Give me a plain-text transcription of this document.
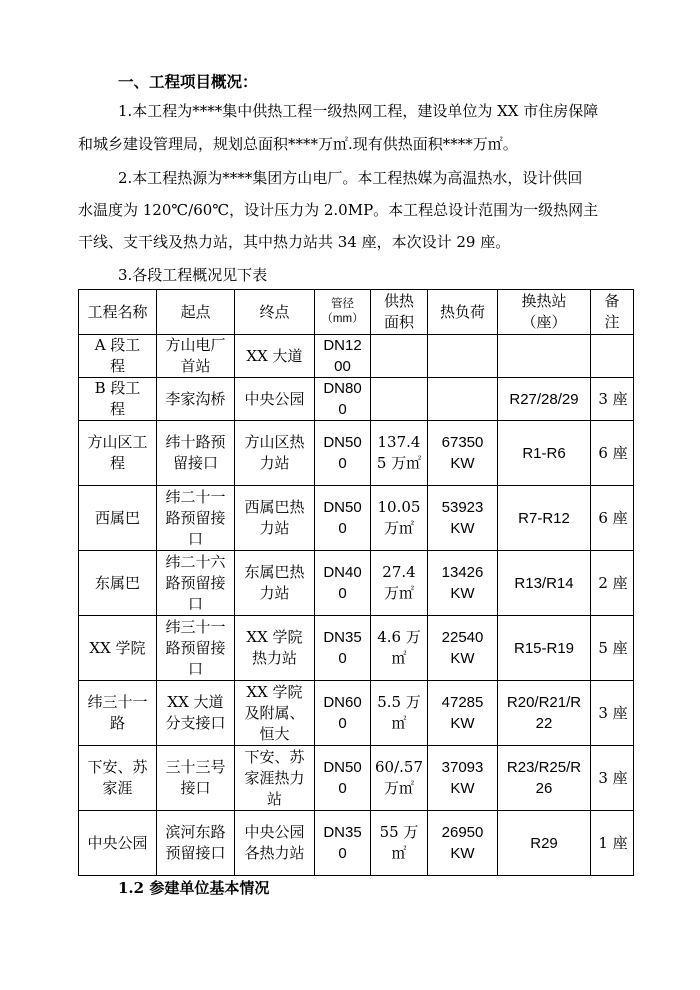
一、工程项目概况：

1.本工程为****集中供热工程一级热网工程，建设单位为 XX 市住房保障

和城乡建设管理局，规划总面积****万㎡.现有供热面积****万㎡。

2.本工程热源为****集团方山电厂。本工程热媒为高温热水，设计供回

水温度为 120℃/60℃，设计压力为 2.0MP。本工程总设计范围为一级热网主

干线、支干线及热力站，其中热力站共 34 座，本次设计 29 座。

3.各段工程概况见下表

工程名称	起点	终点	管径（mm）	供热面积	热负荷	换热站（座）	备注

A 段工程	方山电厂首站	XX 大道	DN1200				

B 段工程	李家沟桥	中央公园	DN800			R27/28/29	3 座

方山区工程	纬十路预留接口	方山区热力站	DN500	137.45 万㎡	67350KW	R1-R6	6 座

西属巴	纬二十一路预留接口	西属巴热力站	DN500	10.05万㎡	53923KW	R7-R12	6 座

东属巴	纬二十六路预留接口	东属巴热力站	DN400	27.4万㎡	13426KW	R13/R14	2 座

XX 学院	纬三十一路预留接口	XX 学院热力站	DN350	4.6 万㎡	22540KW	R15-R19	5 座

纬三十一路	XX 大道分支接口	XX 学院及附属、恒大	DN600	5.5 万㎡	47285KW	R20/R21/R22	3 座

下安、苏家涯	三十三号接口	下安、苏家涯热力站	DN500	60/.57 万㎡	37093KW	R23/R25/R26	3 座

中央公园	滨河东路预留接口	中央公园各热力站	DN350	55 万㎡	26950KW	R29	1 座

1.2 参建单位基本情况
